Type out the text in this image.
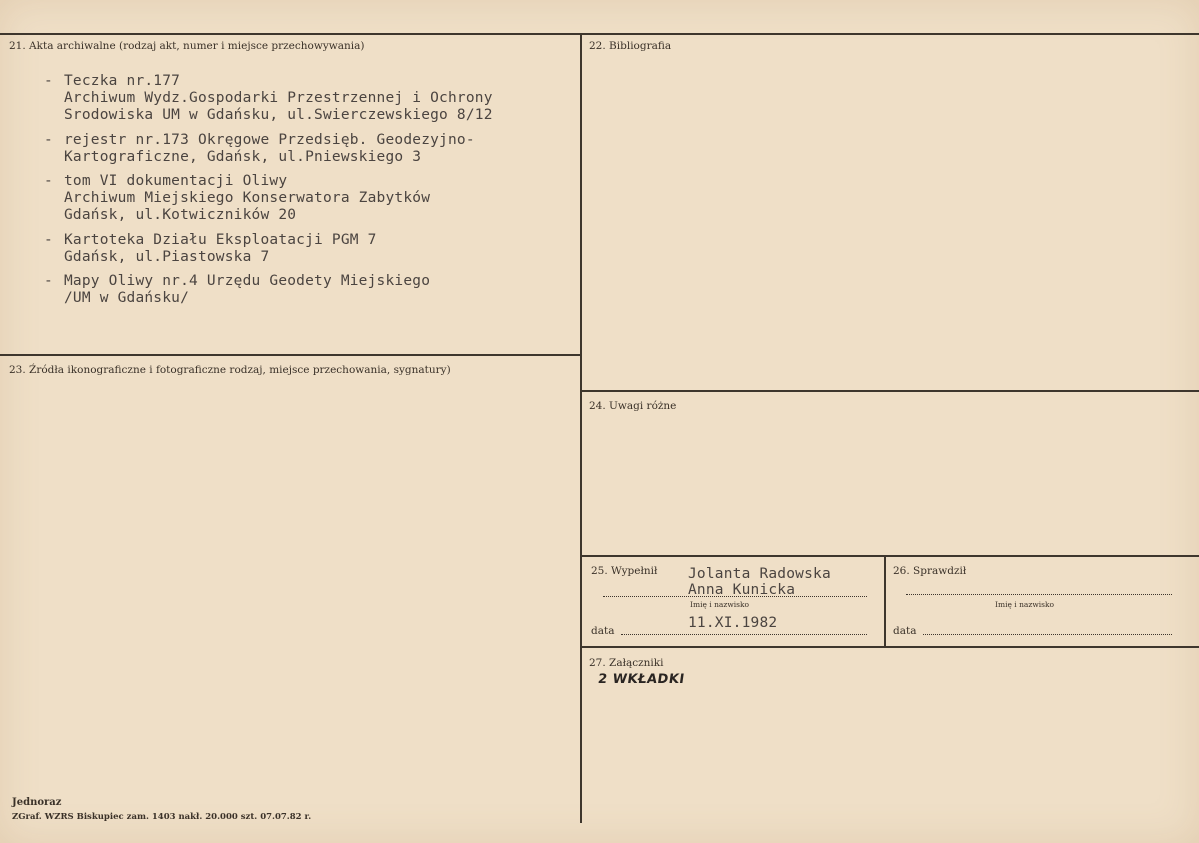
21. Akta archiwalne (rodzaj akt, numer i miejsce przechowywania)
- Teczka nr.177
Archiwum Wydz.Gospodarki Przestrzennej i Ochrony
Srodowiska UM w Gdańsku, ul.Swierczewskiego 8/12
- rejestr nr.173 Okręgowe Przedsięb. Geodezyjno-
Kartograficzne, Gdańsk, ul.Pniewskiego 3
- tom VI dokumentacji Oliwy
Archiwum Miejskiego Konserwatora Zabytków
Gdańsk, ul.Kotwiczników 20
- Kartoteka Działu Eksploatacji PGM 7
Gdańsk, ul.Piastowska 7
- Mapy Oliwy nr.4 Urzędu Geodety Miejskiego
/UM w Gdańsku/
22. Bibliografia
23. Źródła ikonograficzne i fotograficzne rodzaj, miejsce przechowania, sygnatury)
24. Uwagi różne
25. Wypełnił Jolanta Radowska
Anna Kunicka
Imię i nazwisko
11.XI.1982
data
26. Sprawdził
Imię i nazwisko
data
27. Załączniki
2 WKŁADKI
Jednoraz
ZGraf. WZRS Biskupiec zam. 1403 nakł. 20.000 szt. 07.07.82 r.
